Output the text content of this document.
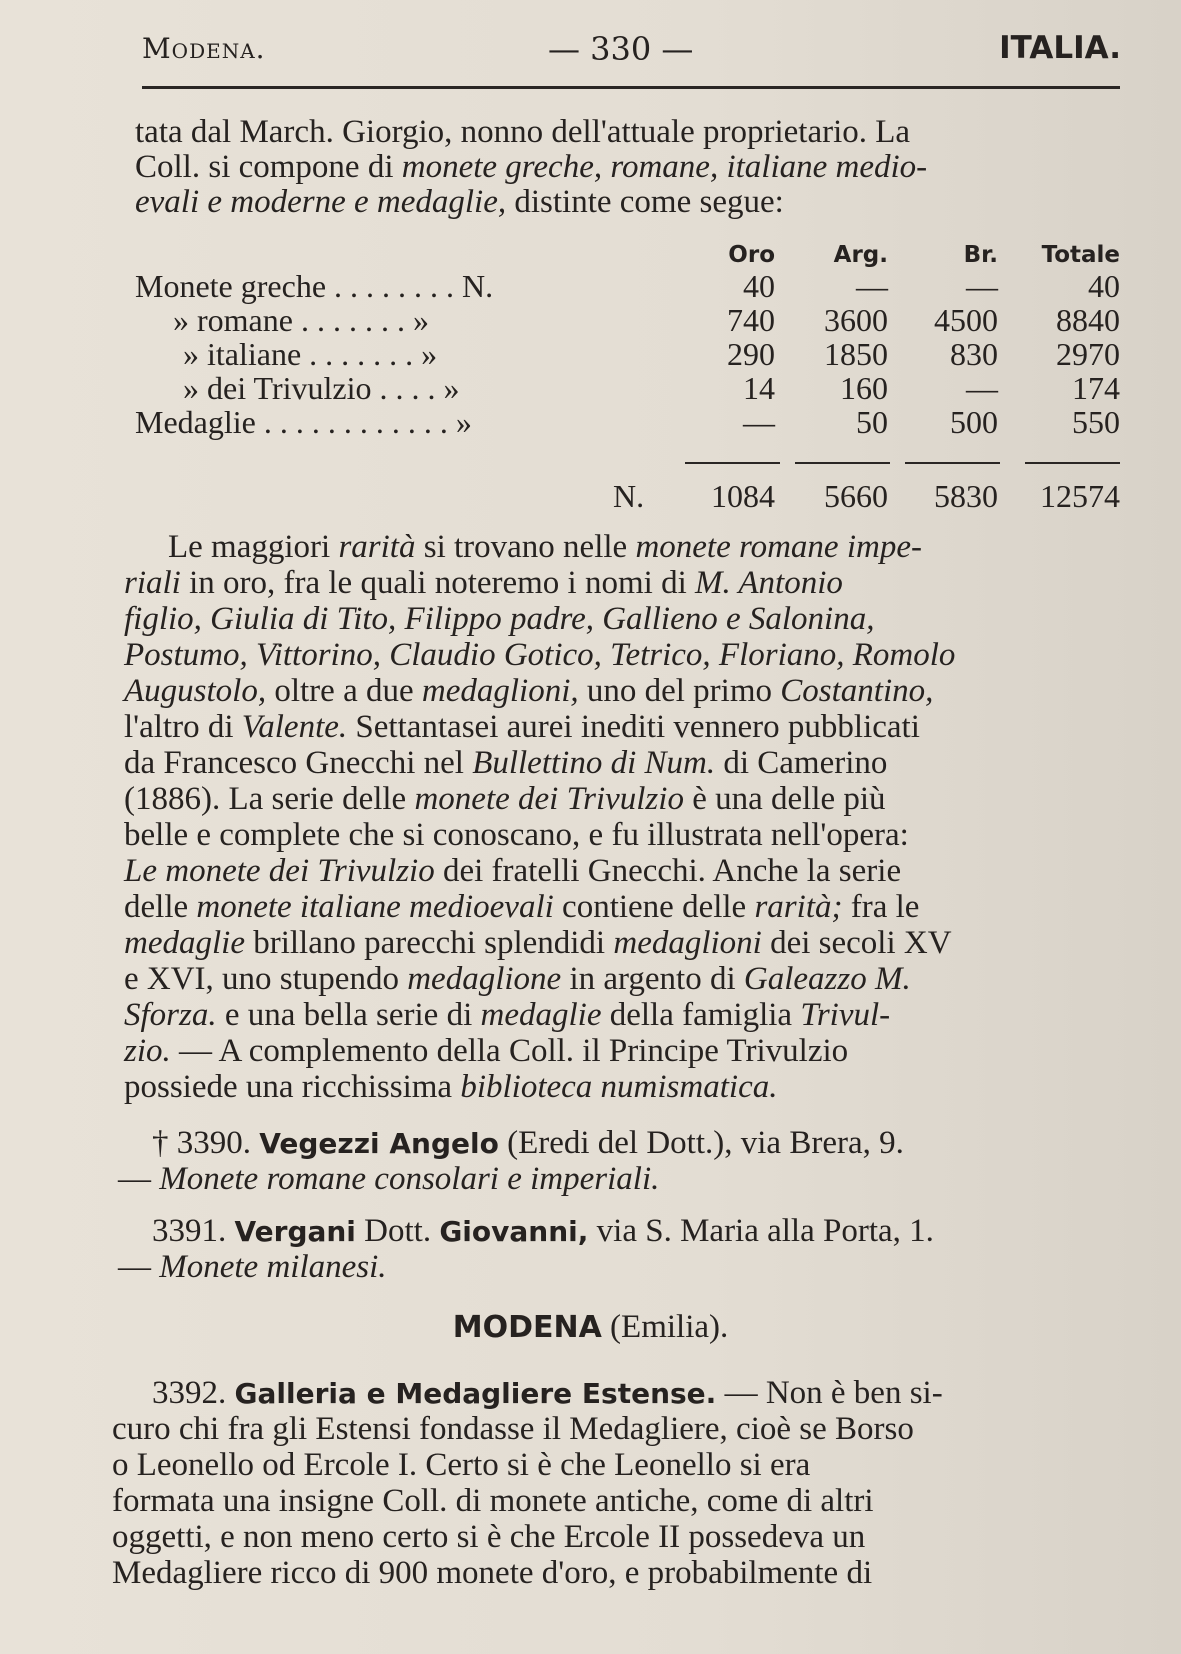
Modena.	— 330 —	ITALIA.
tata dal March. Giorgio, nonno dell'attuale proprietario. La
Coll. si compone di monete greche, romane, italiane medio-
evali e moderne e medaglie, distinte come segue:
Oro	Arg.	Br.	Totale
Monete greche . . . . . . . . N.	40	—	—	40
» romane . . . . . . . »	740	3600	4500	8840
» italiane . . . . . . . »	290	1850	830	2970
» dei Trivulzio . . . . »	14	160	—	174
Medaglie . . . . . . . . . . . . »	—	50	500	550
N.	1084	5660	5830	12574
Le maggiori rarità si trovano nelle monete romane impe-
riali in oro, fra le quali noteremo i nomi di M. Antonio
figlio, Giulia di Tito, Filippo padre, Gallieno e Salonina,
Postumo, Vittorino, Claudio Gotico, Tetrico, Floriano, Romolo
Augustolo, oltre a due medaglioni, uno del primo Costantino,
l'altro di Valente. Settantasei aurei inediti vennero pubblicati
da Francesco Gnecchi nel Bullettino di Num. di Camerino
(1886). La serie delle monete dei Trivulzio è una delle più
belle e complete che si conoscano, e fu illustrata nell'opera:
Le monete dei Trivulzio dei fratelli Gnecchi. Anche la serie
delle monete italiane medioevali contiene delle rarità; fra le
medaglie brillano parecchi splendidi medaglioni dei secoli XV
e XVI, uno stupendo medaglione in argento di Galeazzo M.
Sforza. e una bella serie di medaglie della famiglia Trivul-
zio. — A complemento della Coll. il Principe Trivulzio
possiede una ricchissima biblioteca numismatica.
† 3390. Vegezzi Angelo (Eredi del Dott.), via Brera, 9.
— Monete romane consolari e imperiali.
3391. Vergani Dott. Giovanni, via S. Maria alla Porta, 1.
— Monete milanesi.
MODENA (Emilia).
3392. Galleria e Medagliere Estense. — Non è ben si-
curo chi fra gli Estensi fondasse il Medagliere, cioè se Borso
o Leonello od Ercole I. Certo si è che Leonello si era
formata una insigne Coll. di monete antiche, come di altri
oggetti, e non meno certo si è che Ercole II possedeva un
Medagliere ricco di 900 monete d'oro, e probabilmente di
